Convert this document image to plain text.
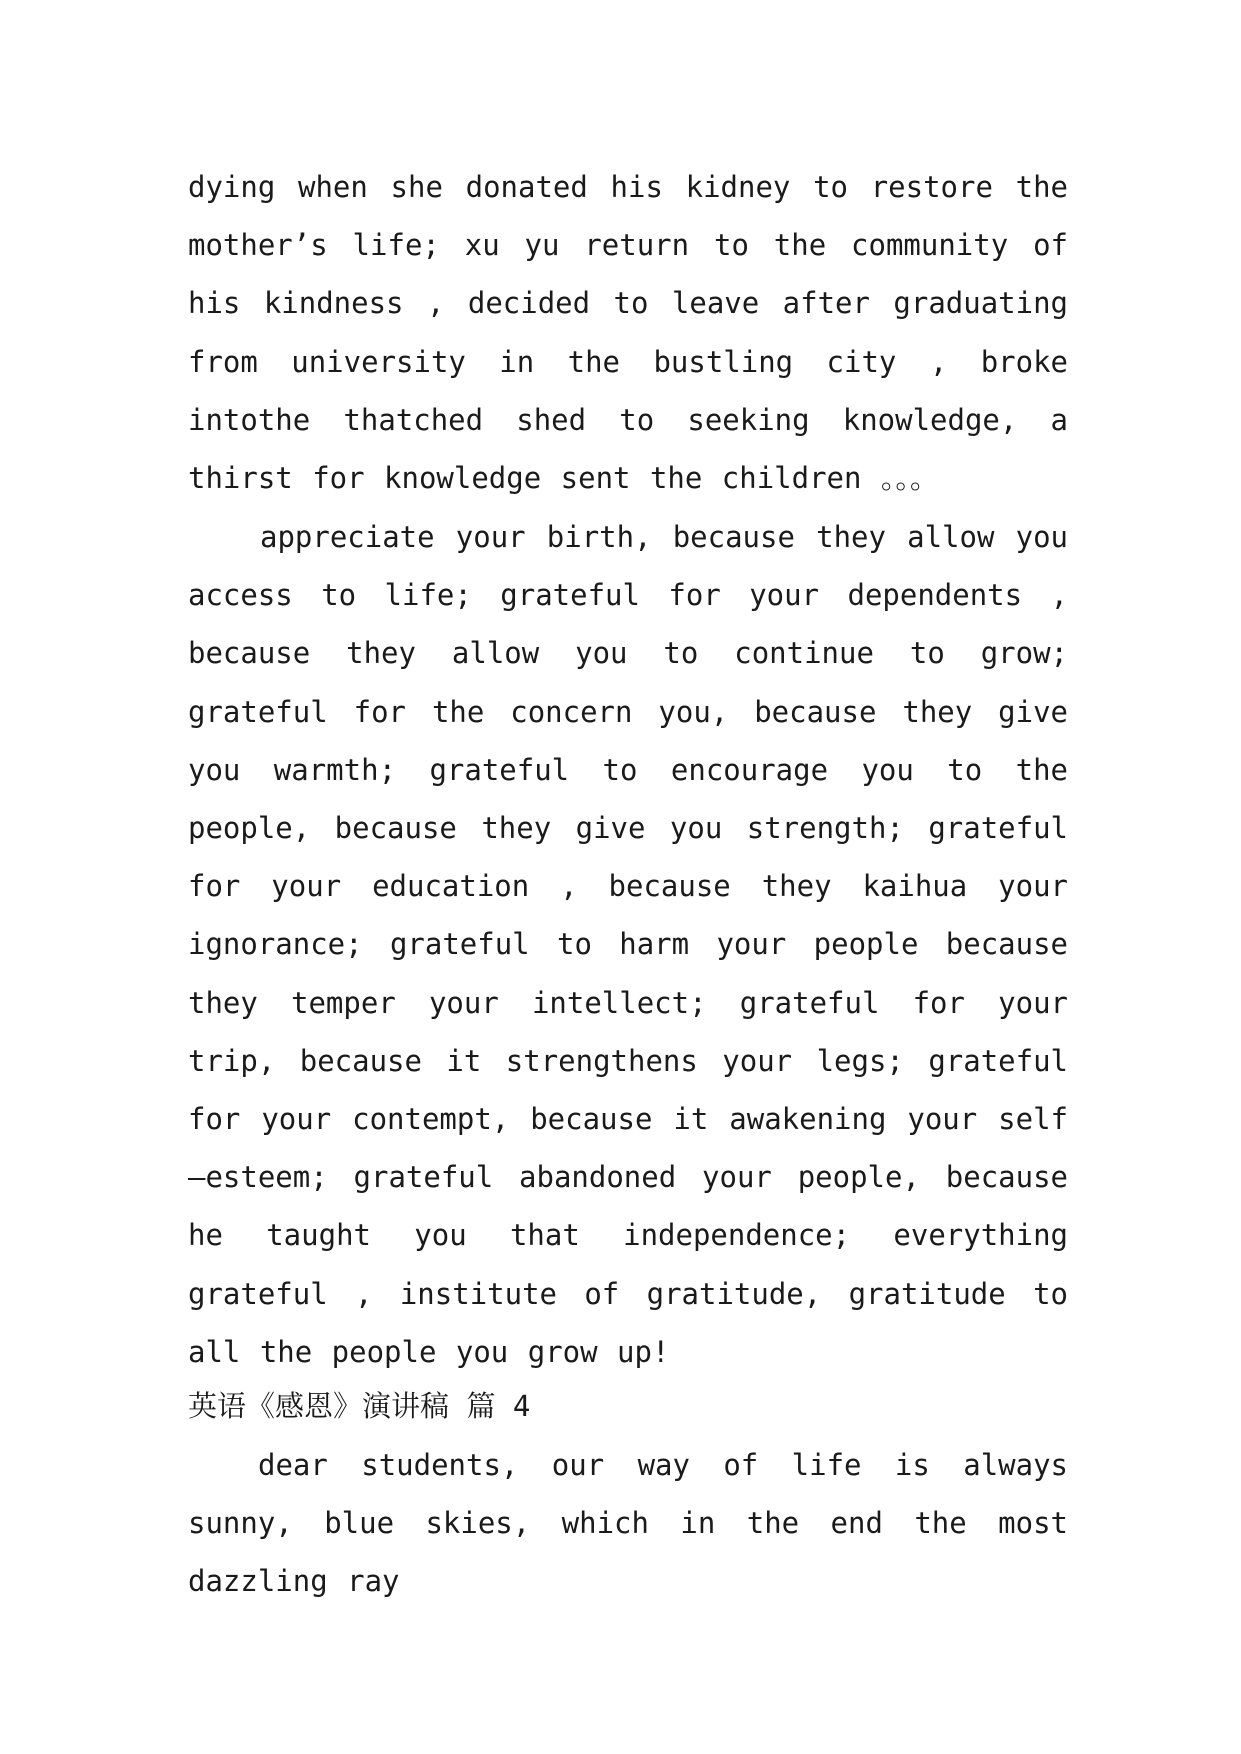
dying when she donated his kidney to restore the mother’s life; xu yu return to the community of his kindness , decided to leave after graduating from university in the bustling city , broke intothe thatched shed to seeking knowledge, a thirst for knowledge sent the children 。。。

appreciate your birth, because they allow you access to life; grateful for your dependents , because they allow you to continue to grow; grateful for the concern you, because they give you warmth; grateful to encourage you to the people, because they give you strength; grateful for your education , because they kaihua your ignorance; grateful to harm your people because they temper your intellect; grateful for your trip, because it strengthens your legs; grateful for your contempt, because it awakening your self—esteem; grateful abandoned your people, because he taught you that independence; everything grateful , institute of gratitude, gratitude to all the people you grow up!

英语《感恩》演讲稿 篇 4

dear students, our way of life is always sunny, blue skies, which in the end the most dazzling ray
